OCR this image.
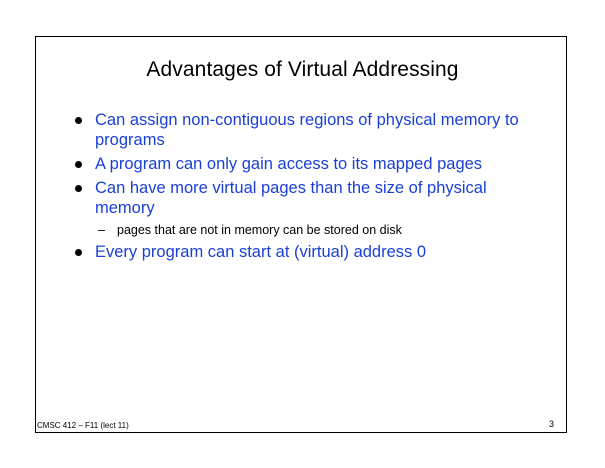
Advantages of Virtual Addressing
Can assign non-contiguous regions of physical memory to programs
A program can only gain access to its mapped pages
Can have more virtual pages than the size of physical memory
– pages that are not in memory can be stored on disk
Every program can start at (virtual) address 0
CMSC 412 – F11 (lect 11)	3
